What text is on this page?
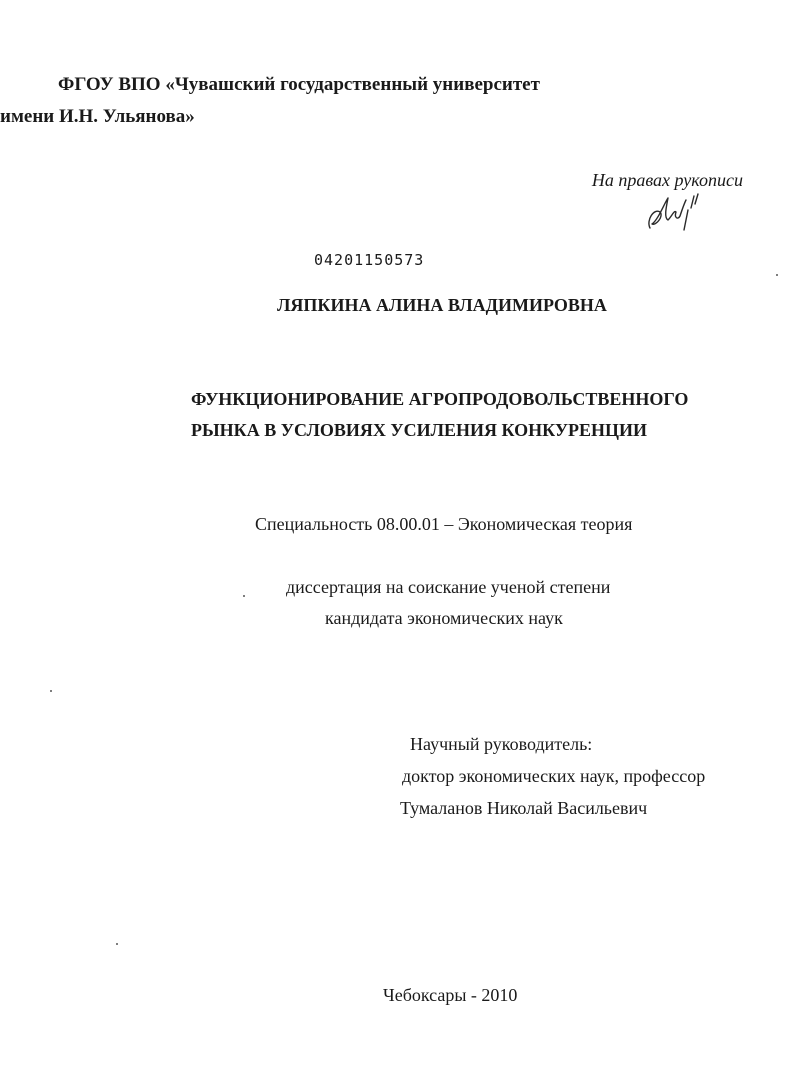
ФГОУ ВПО «Чувашский государственный университет
имени И.Н. Ульянова»
На правах рукописи
04201150573
ЛЯПКИНА АЛИНА ВЛАДИМИРОВНА
ФУНКЦИОНИРОВАНИЕ АГРОПРОДОВОЛЬСТВЕННОГО
РЫНКА В УСЛОВИЯХ УСИЛЕНИЯ КОНКУРЕНЦИИ
Специальность 08.00.01 – Экономическая теория
диссертация на соискание ученой степени
кандидата экономических наук
Научный руководитель:
доктор экономических наук, профессор
Тумаланов Николай Васильевич
Чебоксары - 2010
